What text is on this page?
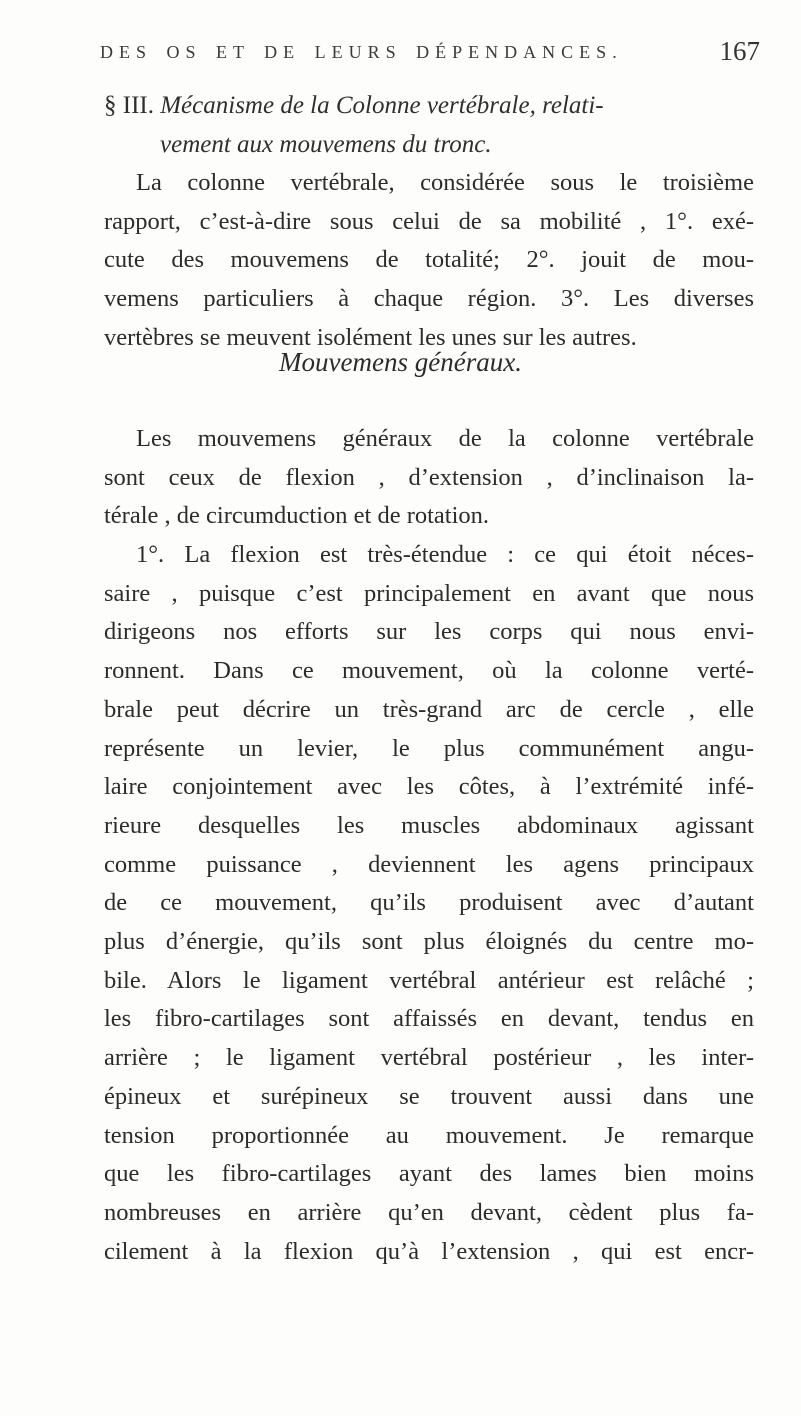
DES OS ET DE LEURS DÉPENDANCES.	167
§ III. Mécanisme de la Colonne vertébrale, relati-
vement aux mouvemens du tronc.
La colonne vertébrale, considérée sous le troisième
rapport, c’est-à-dire sous celui de sa mobilité , 1°. exé-
cute des mouvemens de totalité; 2°. jouit de mou-
vemens particuliers à chaque région. 3°. Les diverses
vertèbres se meuvent isolément les unes sur les autres.
Mouvemens généraux.
Les mouvemens généraux de la colonne vertébrale
sont ceux de flexion , d’extension , d’inclinaison la-
térale , de circumduction et de rotation.
1°. La flexion est très-étendue : ce qui étoit néces-
saire , puisque c’est principalement en avant que nous
dirigeons nos efforts sur les corps qui nous envi-
ronnent. Dans ce mouvement, où la colonne verté-
brale peut décrire un très-grand arc de cercle , elle
représente un levier, le plus communément angu-
laire conjointement avec les côtes, à l’extrémité infé-
rieure desquelles les muscles abdominaux agissant
comme puissance , deviennent les agens principaux
de ce mouvement, qu’ils produisent avec d’autant
plus d’énergie, qu’ils sont plus éloignés du centre mo-
bile. Alors le ligament vertébral antérieur est relâché ;
les fibro-cartilages sont affaissés en devant, tendus en
arrière ; le ligament vertébral postérieur , les inter-
épineux et surépineux se trouvent aussi dans une
tension proportionnée au mouvement. Je remarque
que les fibro-cartilages ayant des lames bien moins
nombreuses en arrière qu’en devant, cèdent plus fa-
cilement à la flexion qu’à l’extension , qui est encr-
